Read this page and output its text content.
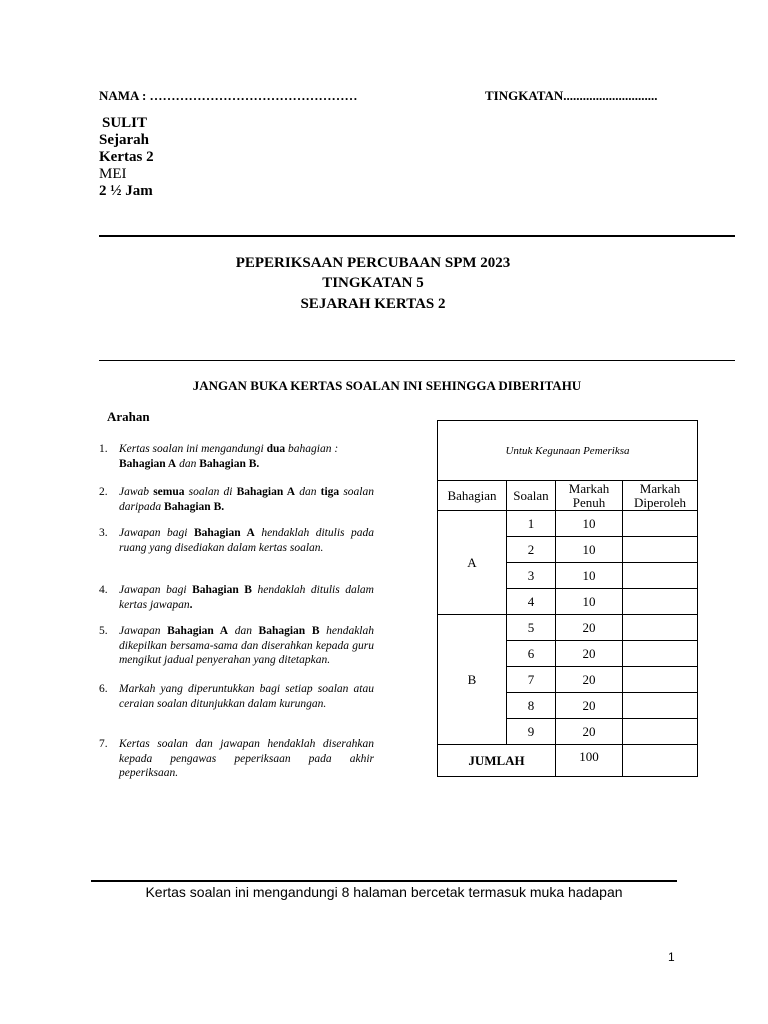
NAMA : …………………………………………	TINGKATAN.............................
SULIT
Sejarah
Kertas 2
MEI
2 ½ Jam
PEPERIKSAAN PERCUBAAN SPM 2023
TINGKATAN 5
SEJARAH KERTAS 2
JANGAN BUKA KERTAS SOALAN INI SEHINGGA DIBERITAHU
Arahan
1. Kertas soalan ini mengandungi dua bahagian :
Bahagian A dan Bahagian B.
2. Jawab semua soalan di Bahagian A dan tiga soalan daripada Bahagian B.
3. Jawapan bagi Bahagian A hendaklah ditulis pada ruang yang disediakan dalam kertas soalan.
4. Jawapan bagi Bahagian B hendaklah ditulis dalam kertas jawapan.
5. Jawapan Bahagian A dan Bahagian B hendaklah dikepilkan bersama-sama dan diserahkan kepada guru mengikut jadual penyerahan yang ditetapkan.
6. Markah yang diperuntukkan bagi setiap soalan atau ceraian soalan ditunjukkan dalam kurungan.
7. Kertas soalan dan jawapan hendaklah diserahkan kepada pengawas peperiksaan pada akhir peperiksaan.
Untuk Kegunaan Pemeriksa			
Bahagian	Soalan	Markah Penuh	Markah Diperoleh
A	1	10	
	2	10	
	3	10	
	4	10	
B	5	20	
	6	20	
	7	20	
	8	20	
	9	20	
JUMLAH		100	
Kertas soalan ini mengandungi 8 halaman bercetak termasuk muka hadapan
1
